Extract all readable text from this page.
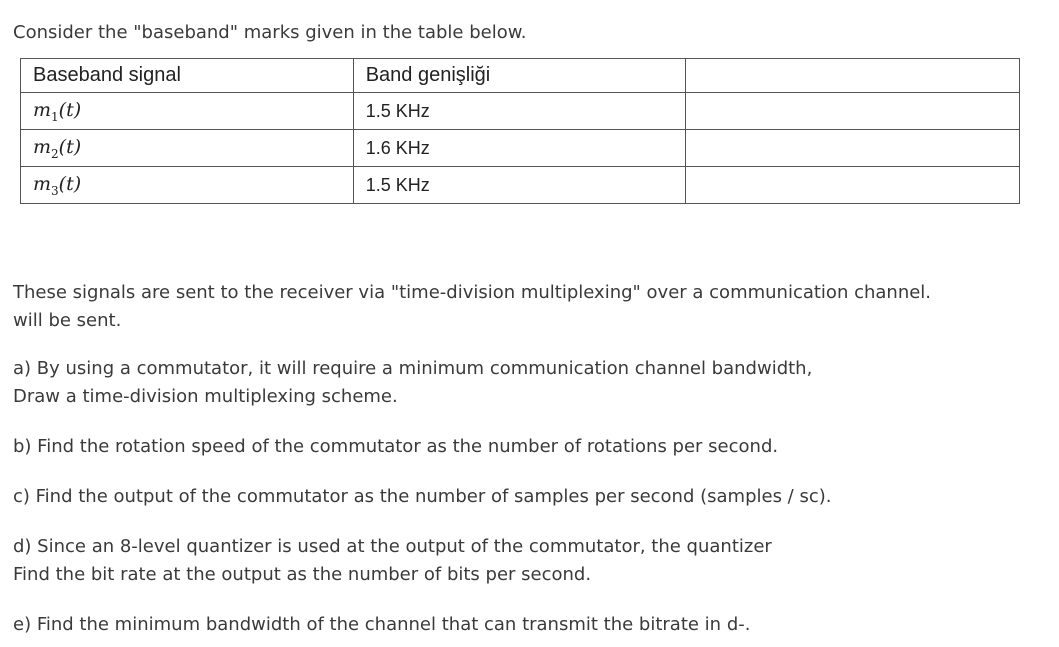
Consider the "baseband" marks given in the table below.

Baseband signal	Band genişliği	
$m_1(t)$	1.5 KHz	
$m_2(t)$	1.6 KHz	
$m_3(t)$	1.5 KHz	
These signals are sent to the receiver via "time-division multiplexing" over a communication channel.
will be sent.
a) By using a commutator, it will require a minimum communication channel bandwidth,
Draw a time-division multiplexing scheme.
b) Find the rotation speed of the commutator as the number of rotations per second.
c) Find the output of the commutator as the number of samples per second (samples / sc).
d) Since an 8-level quantizer is used at the output of the commutator, the quantizer
Find the bit rate at the output as the number of bits per second.
e) Find the minimum bandwidth of the channel that can transmit the bitrate in d-.
